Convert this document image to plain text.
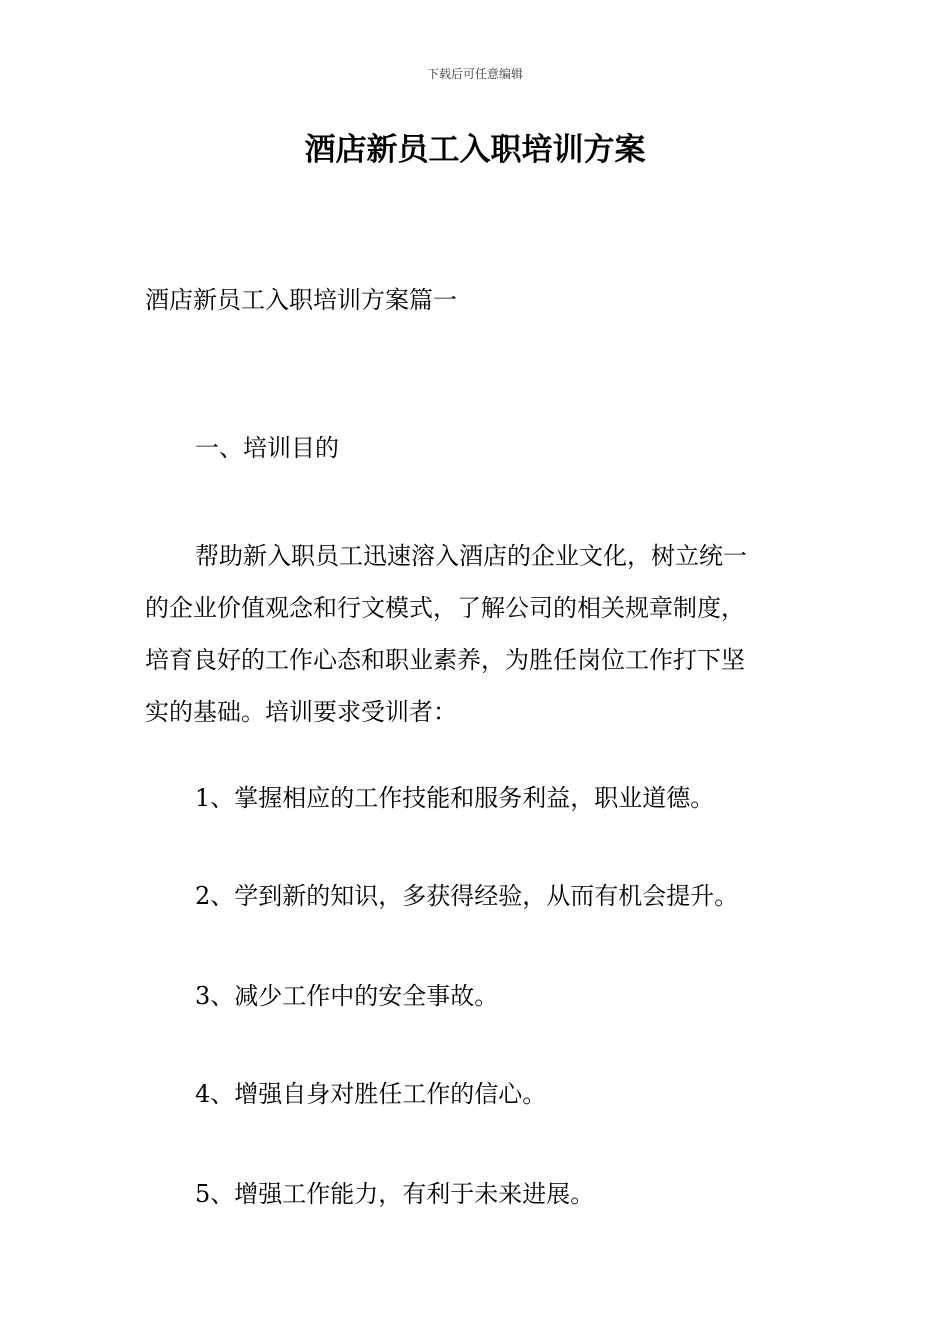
下载后可任意编辑
酒店新员工入职培训方案

酒店新员工入职培训方案篇一

一、培训目的

帮助新入职员工迅速溶入酒店的企业文化，树立统一
的企业价值观念和行文模式，了解公司的相关规章制度，
培育良好的工作心态和职业素养，为胜任岗位工作打下坚
实的基础。培训要求受训者：

1、掌握相应的工作技能和服务利益，职业道德。

2、学到新的知识，多获得经验，从而有机会提升。

3、减少工作中的安全事故。

4、增强自身对胜任工作的信心。

5、增强工作能力，有利于未来进展。
